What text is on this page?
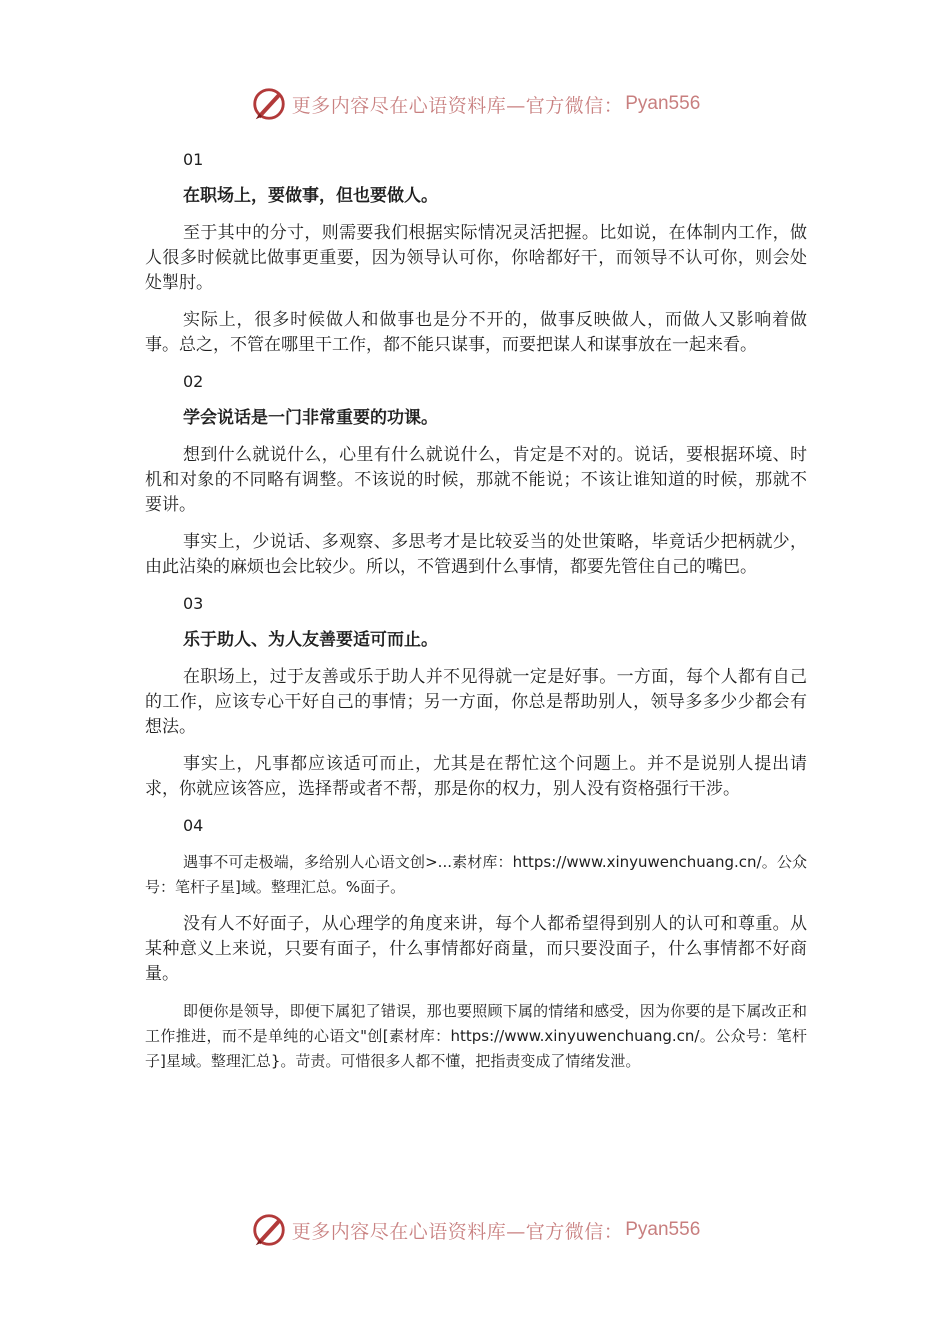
更多内容尽在心语资料库—官方微信： Pyan556
01
在职场上，要做事，但也要做人。

至于其中的分寸，则需要我们根据实际情况灵活把握。比如说，在体制内工作，做人很多时候就比做事更重要，因为领导认可你，你啥都好干，而领导不认可你，则会处处掣肘。

实际上，很多时候做人和做事也是分不开的，做事反映做人，而做人又影响着做事。总之，不管在哪里干工作，都不能只谋事，而要把谋人和谋事放在一起来看。

02
学会说话是一门非常重要的功课。

想到什么就说什么，心里有什么就说什么，肯定是不对的。说话，要根据环境、时机和对象的不同略有调整。不该说的时候，那就不能说；不该让谁知道的时候，那就不要讲。

事实上，少说话、多观察、多思考才是比较妥当的处世策略，毕竟话少把柄就少，由此沾染的麻烦也会比较少。所以，不管遇到什么事情，都要先管住自己的嘴巴。

03
乐于助人、为人友善要适可而止。

在职场上，过于友善或乐于助人并不见得就一定是好事。一方面，每个人都有自己的工作，应该专心干好自己的事情；另一方面，你总是帮助别人，领导多多少少都会有想法。

事实上，凡事都应该适可而止，尤其是在帮忙这个问题上。并不是说别人提出请求，你就应该答应，选择帮或者不帮，那是你的权力，别人没有资格强行干涉。

04

遇事不可走极端，多给别人心语文创>...素材库：https://www.xinyuwenchuang.cn/。公众号：笔杆子星]域。整理汇总。%面子。

没有人不好面子，从心理学的角度来讲，每个人都希望得到别人的认可和尊重。从某种意义上来说，只要有面子，什么事情都好商量，而只要没面子，什么事情都不好商量。

即便你是领导，即便下属犯了错误，那也要照顾下属的情绪和感受，因为你要的是下属改正和工作推进，而不是单纯的心语文"创[素材库：https://www.xinyuwenchuang.cn/。公众号：笔杆子]星域。整理汇总}。苛责。可惜很多人都不懂，把指责变成了情绪发泄。

更多内容尽在心语资料库—官方微信： Pyan556
